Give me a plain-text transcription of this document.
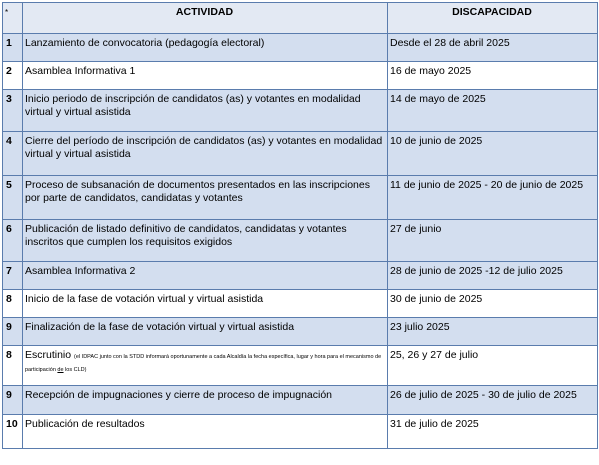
*	ACTIVIDAD	DISCAPACIDAD
1	Lanzamiento de convocatoria (pedagogía electoral)	Desde el 28 de abril 2025
2	Asamblea Informativa 1	16 de mayo 2025
3	Inicio periodo de inscripción de candidatos (as) y votantes en modalidad virtual y virtual asistida	14 de mayo de 2025
4	Cierre del período de inscripción de candidatos (as) y votantes en modalidad virtual y virtual asistida	10 de junio de 2025
5	Proceso de subsanación de documentos presentados en las inscripciones por parte de candidatos, candidatas y votantes	11 de junio de 2025 - 20 de junio de 2025
6	Publicación de listado definitivo de candidatos, candidatas y votantes inscritos que cumplen los requisitos exigidos	27 de junio
7	Asamblea Informativa 2	28 de junio de 2025 -12 de julio 2025
8	Inicio de la fase de votación virtual y virtual asistida	30 de junio de 2025
9	Finalización de la fase de votación virtual y virtual asistida	23 julio 2025
8	Escrutinio (el IDPAC junto con la STDD informará oportunamente a cada Alcaldía la fecha específica, lugar y hora para el mecanismo de participación de los CLD)	25, 26 y 27 de julio
9	Recepción de impugnaciones y cierre de proceso de impugnación	26 de julio de 2025 - 30 de julio de 2025
10	Publicación de resultados	31 de julio de 2025
